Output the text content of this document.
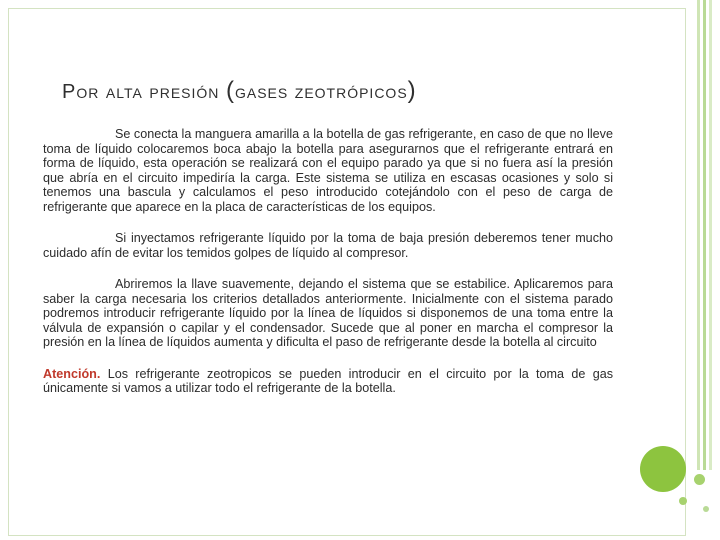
Por alta presión (gases zeotrópicos)

Se conecta la manguera amarilla a la botella de gas refrigerante, en caso de que no lleve toma de líquido colocaremos boca abajo la botella para asegurarnos que el refrigerante entrará en forma de líquido, esta operación se realizará con el equipo parado ya que si no fuera así la presión que abría en el circuito impediría la carga. Este sistema se utiliza en escasas ocasiones y solo si tenemos una bascula y calculamos el peso introducido cotejándolo con el peso de carga de refrigerante que aparece en la placa de características de los equipos.

Si inyectamos refrigerante líquido por la toma de baja presión deberemos tener mucho cuidado afín de evitar los temidos golpes de líquido al compresor.

Abriremos la llave suavemente, dejando el sistema que se estabilice. Aplicaremos para saber la carga necesaria los criterios detallados anteriormente. Inicialmente con el sistema parado podremos introducir refrigerante líquido por la línea de líquidos si disponemos de una toma entre la válvula de expansión o capilar y el condensador. Sucede que al poner en marcha el compresor la presión en la línea de líquidos aumenta y dificulta el paso de refrigerante desde la botella al circuito

Atención. Los refrigerante zeotropicos se pueden introducir en el circuito por la toma de gas únicamente si vamos a utilizar todo el refrigerante de la botella.
